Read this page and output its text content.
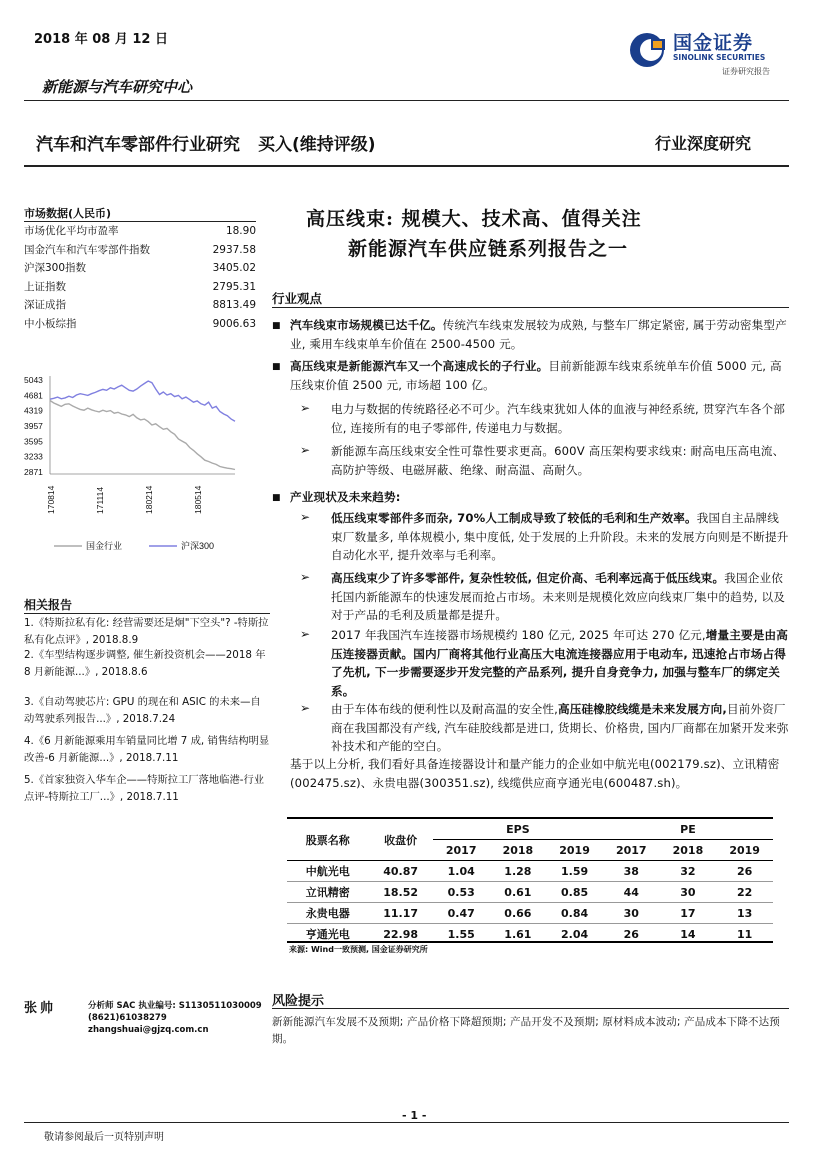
2018 年 08 月 12 日
新能源与汽车研究中心
国金证券
SINOLINK SECURITIES
证券研究报告
汽车和汽车零部件行业研究 买入(维持评级)	行业深度研究
市场数据(人民币)
市场优化平均市盈率	18.90
国金汽车和汽车零部件指数	2937.58
沪深300指数	3405.02
上证指数	2795.31
深证成指	8813.49
中小板综指	9006.63
5043
4681
4319
3957
3595
3233
2871
170814	171114	180214	180514
国金行业	沪深300
相关报告
1.《特斯拉私有化: 经营需要还是炯"下空头"? -特斯拉私有化点评》, 2018.8.9
2.《车型结构逐步调整, 催生新投资机会——2018 年 8 月新能源...》, 2018.8.6
3.《自动驾驶芯片: GPU 的现在和 ASIC 的未来—自动驾驶系列报告...》, 2018.7.24
4.《6 月新能源乘用车销量同比增 7 成, 销售结构明显改善-6 月新能源...》, 2018.7.11
5.《首家独资入华车企——特斯拉工厂落地临港-行业点评-特斯拉工厂...》, 2018.7.11
张帅	分析师 SAC 执业编号: S1130511030009
(8621)61038279
zhangshuai@gjzq.com.cn
高压线束: 规模大、技术高、值得关注
新能源汽车供应链系列报告之一
行业观点
■ 汽车线束市场规模已达千亿。传统汽车线束发展较为成熟, 与整车厂绑定紧密, 属于劳动密集型产业, 乘用车线束单车价值在 2500-4500 元。
■ 高压线束是新能源汽车又一个高速成长的子行业。目前新能源车线束系统单车价值 5000 元, 高压线束价值 2500 元, 市场超 100 亿。
➢ 电力与数据的传统路径必不可少。汽车线束犹如人体的血液与神经系统, 贯穿汽车各个部位, 连接所有的电子零部件, 传递电力与数据。
➢ 新能源车高压线束安全性可靠性要求更高。600V 高压架构要求线束: 耐高电压高电流、高防护等级、电磁屏蔽、绝缘、耐高温、高耐久。
■ 产业现状及未来趋势:
➢ 低压线束零部件多而杂, 70%人工制成导致了较低的毛利和生产效率。我国自主品牌线束厂数量多, 单体规模小, 集中度低, 处于发展的上升阶段。未来的发展方向则是不断提升自动化水平, 提升效率与毛利率。
➢ 高压线束少了许多零部件, 复杂性较低, 但定价高、毛利率远高于低压线束。我国企业依托国内新能源车的快速发展而抢占市场。未来则是规模化效应向线束厂集中的趋势, 以及对于产品的毛利及质量都是提升。
➢ 2017 年我国汽车连接器市场规模约 180 亿元, 2025 年可达 270 亿元,增量主要是由高压连接器贡献。国内厂商将其他行业高压大电流连接器应用于电动车, 迅速抢占市场占得了先机, 下一步需要逐步开发完整的产品系列, 提升自身竞争力, 加强与整车厂的绑定关系。
➢ 由于车体布线的便利性以及耐高温的安全性,高压硅橡胶线缆是未来发展方向,目前外资厂商在我国都没有产线, 汽车硅胶线都是进口, 货期长、价格贵, 国内厂商都在加紧开发来弥补技术和产能的空白。
基于以上分析, 我们看好具备连接器设计和量产能力的企业如中航光电(002179.sz)、立讯精密(002475.sz)、永贵电器(300351.sz), 线缆供应商亨通光电(600487.sh)。
股票名称	收盘价	EPS			PE		
		2017	2018	2019	2017	2018	2019
中航光电	40.87	1.04	1.28	1.59	38	32	26
立讯精密	18.52	0.53	0.61	0.85	44	30	22
永贵电器	11.17	0.47	0.66	0.84	30	17	13
亨通光电	22.98	1.55	1.61	2.04	26	14	11
来源: Wind一致预测, 国金证券研究所
风险提示
新新能源汽车发展不及预期; 产品价格下降超预期; 产品开发不及预期; 原材料成本波动; 产品成本下降不达预期。
- 1 -
敬请参阅最后一页特别声明
